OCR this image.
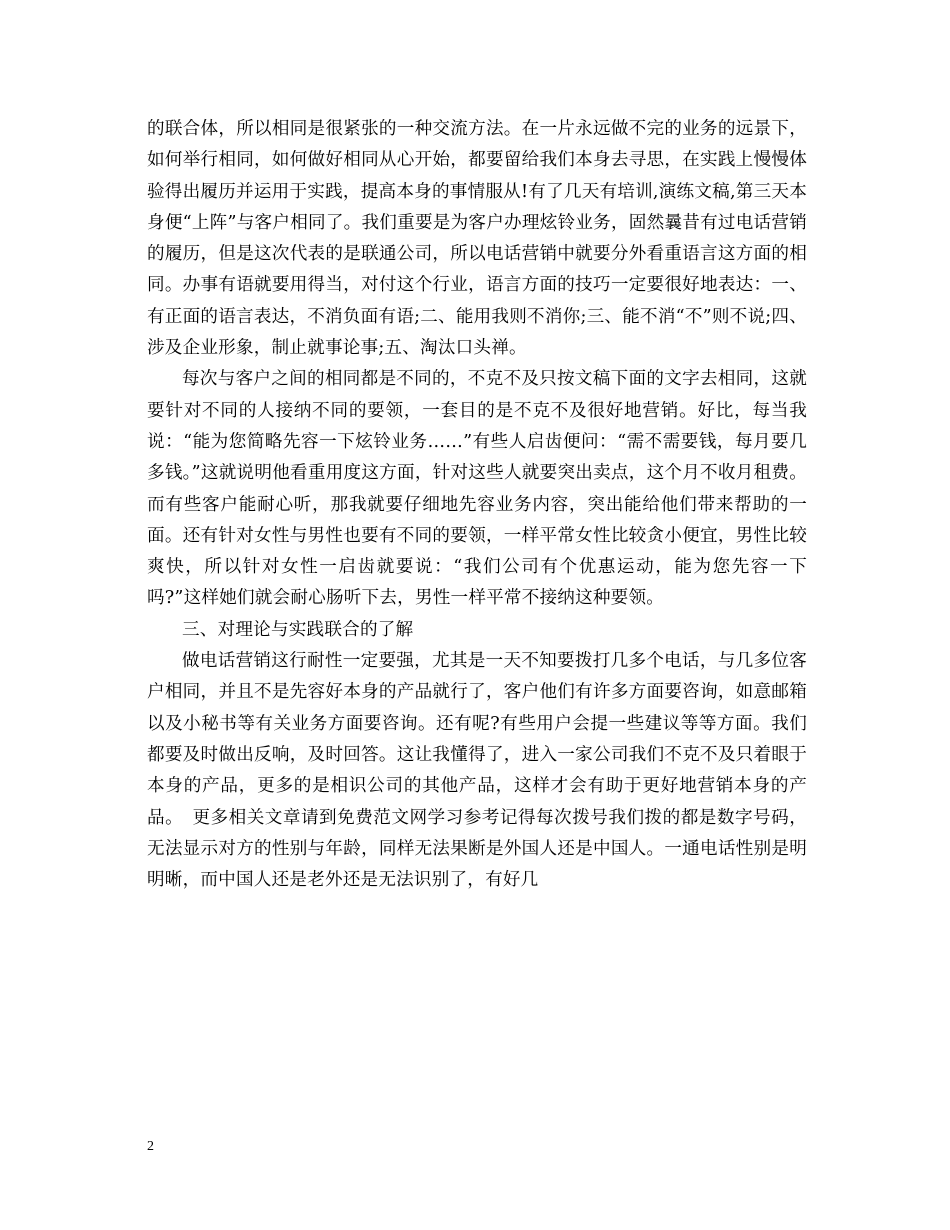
的联合体，所以相同是很紧张的一种交流方法。在一片永远做不完的业务的远景下，如何举行相同，如何做好相同从心开始，都要留给我们本身去寻思，在实践上慢慢体验得出履历并运用于实践，提高本身的事情服从!有了几天有培训,演练文稿,第三天本身便“上阵”与客户相同了。我们重要是为客户办理炫铃业务，固然曩昔有过电话营销的履历，但是这次代表的是联通公司，所以电话营销中就要分外看重语言这方面的相同。办事有语就要用得当，对付这个行业，语言方面的技巧一定要很好地表达：一、有正面的语言表达，不消负面有语;二、能用我则不消你;三、能不消“不”则不说;四、涉及企业形象，制止就事论事;五、淘汰口头禅。

每次与客户之间的相同都是不同的，不克不及只按文稿下面的文字去相同，这就要针对不同的人接纳不同的要领，一套目的是不克不及很好地营销。好比，每当我说：“能为您简略先容一下炫铃业务……”有些人启齿便问：“需不需要钱，每月要几多钱。”这就说明他看重用度这方面，针对这些人就要突出卖点，这个月不收月租费。而有些客户能耐心听，那我就要仔细地先容业务内容，突出能给他们带来帮助的一面。还有针对女性与男性也要有不同的要领，一样平常女性比较贪小便宜，男性比较爽快，所以针对女性一启齿就要说：“我们公司有个优惠运动，能为您先容一下吗?”这样她们就会耐心肠听下去，男性一样平常不接纳这种要领。

三、对理论与实践联合的了解

做电话营销这行耐性一定要强，尤其是一天不知要拨打几多个电话，与几多位客户相同，并且不是先容好本身的产品就行了，客户他们有许多方面要咨询，如意邮箱以及小秘书等有关业务方面要咨询。还有呢?有些用户会提一些建议等等方面。我们都要及时做出反响，及时回答。这让我懂得了，进入一家公司我们不克不及只着眼于本身的产品，更多的是相识公司的其他产品，这样才会有助于更好地营销本身的产品。　更多相关文章请到免费范文网学习参考记得每次拨号我们拨的都是数字号码，无法显示对方的性别与年龄，同样无法果断是外国人还是中国人。一通电话性别是明明晰，而中国人还是老外还是无法识别了，有好几

2
